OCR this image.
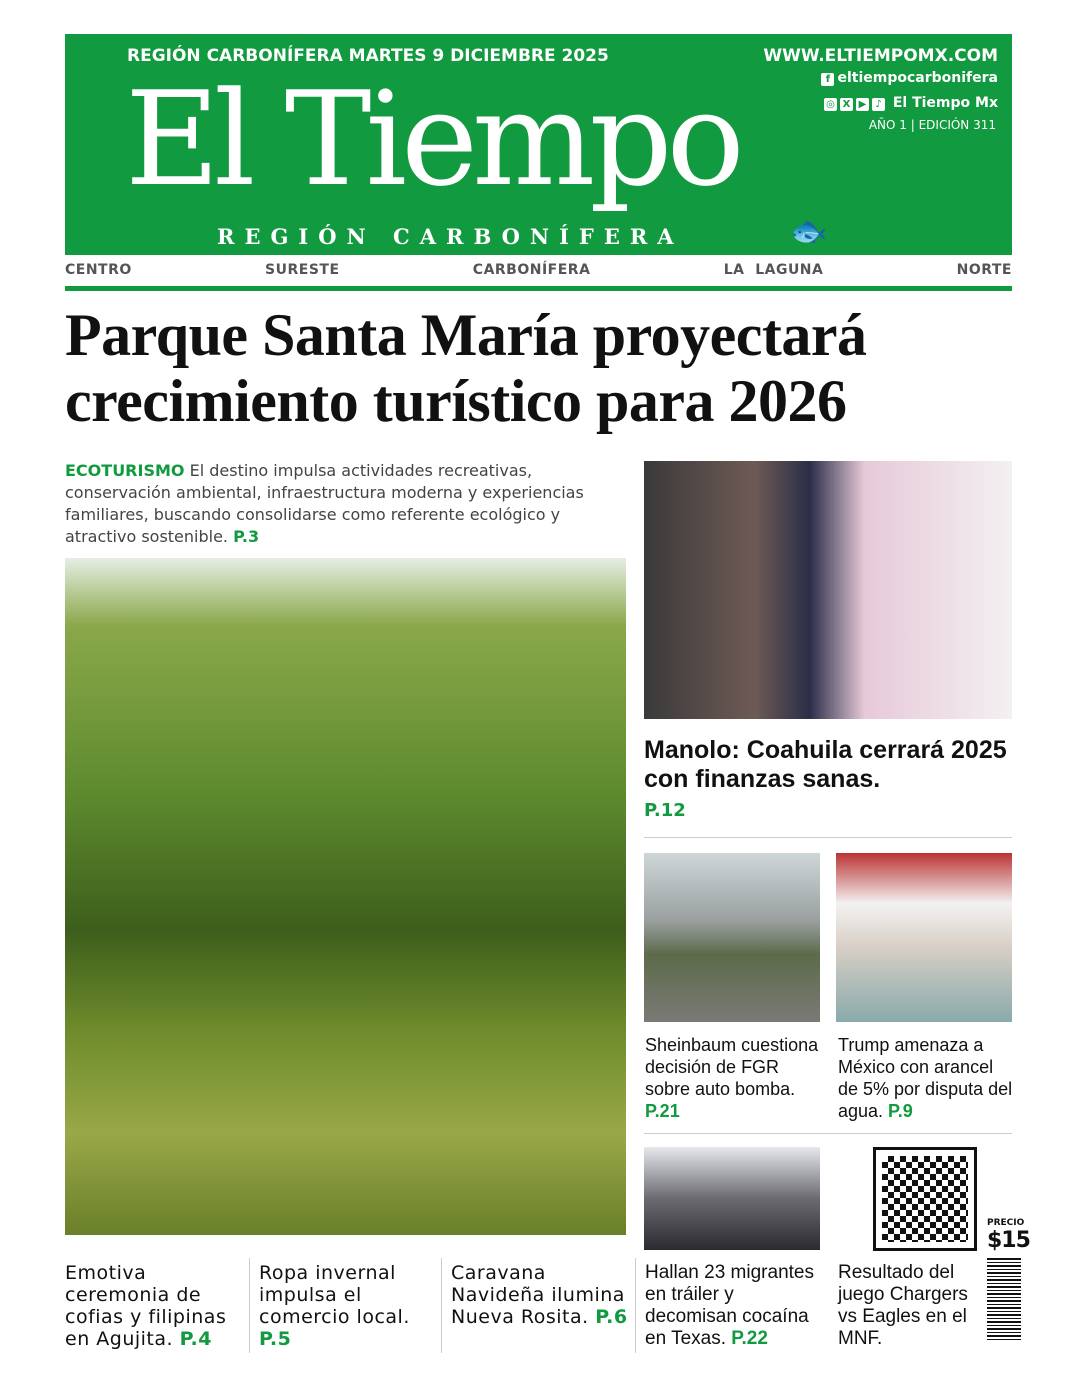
REGIÓN CARBONÍFERA MARTES 9 DICIEMBRE 2025
El Tiempo
REGIÓN CARBONÍFERA	🐟
WWW.ELTIEMPOMX.COM
f eltiempocarbonifera
◎ X ▶ ♪ El Tiempo Mx
AÑO 1 | EDICIÓN 311
CENTRO	SURESTE	CARBONÍFERA	LA  LAGUNA	NORTE
Parque Santa María proyectará crecimiento turístico para 2026

ECOTURISMO El destino impulsa actividades recreativas, conservación ambiental, infraestructura moderna y experiencias familiares, buscando consolidarse como referente ecológico y atractivo sostenible. P.3

Manolo: Coahuila cerrará 2025 con finanzas sanas.
P.12

Sheinbaum cuestiona decisión de FGR sobre auto bomba. P.21

Trump amenaza a México con arancel de 5% por disputa del agua. P.9

PRECIO
$15

Emotiva ceremonia de cofias y filipinas en Agujita. P.4

Ropa invernal impulsa el comercio local. P.5

Caravana Navideña ilumina Nueva Rosita. P.6

Hallan 23 migrantes en tráiler y decomisan cocaína en Texas. P.22

Resultado del juego Chargers vs Eagles en el MNF.
